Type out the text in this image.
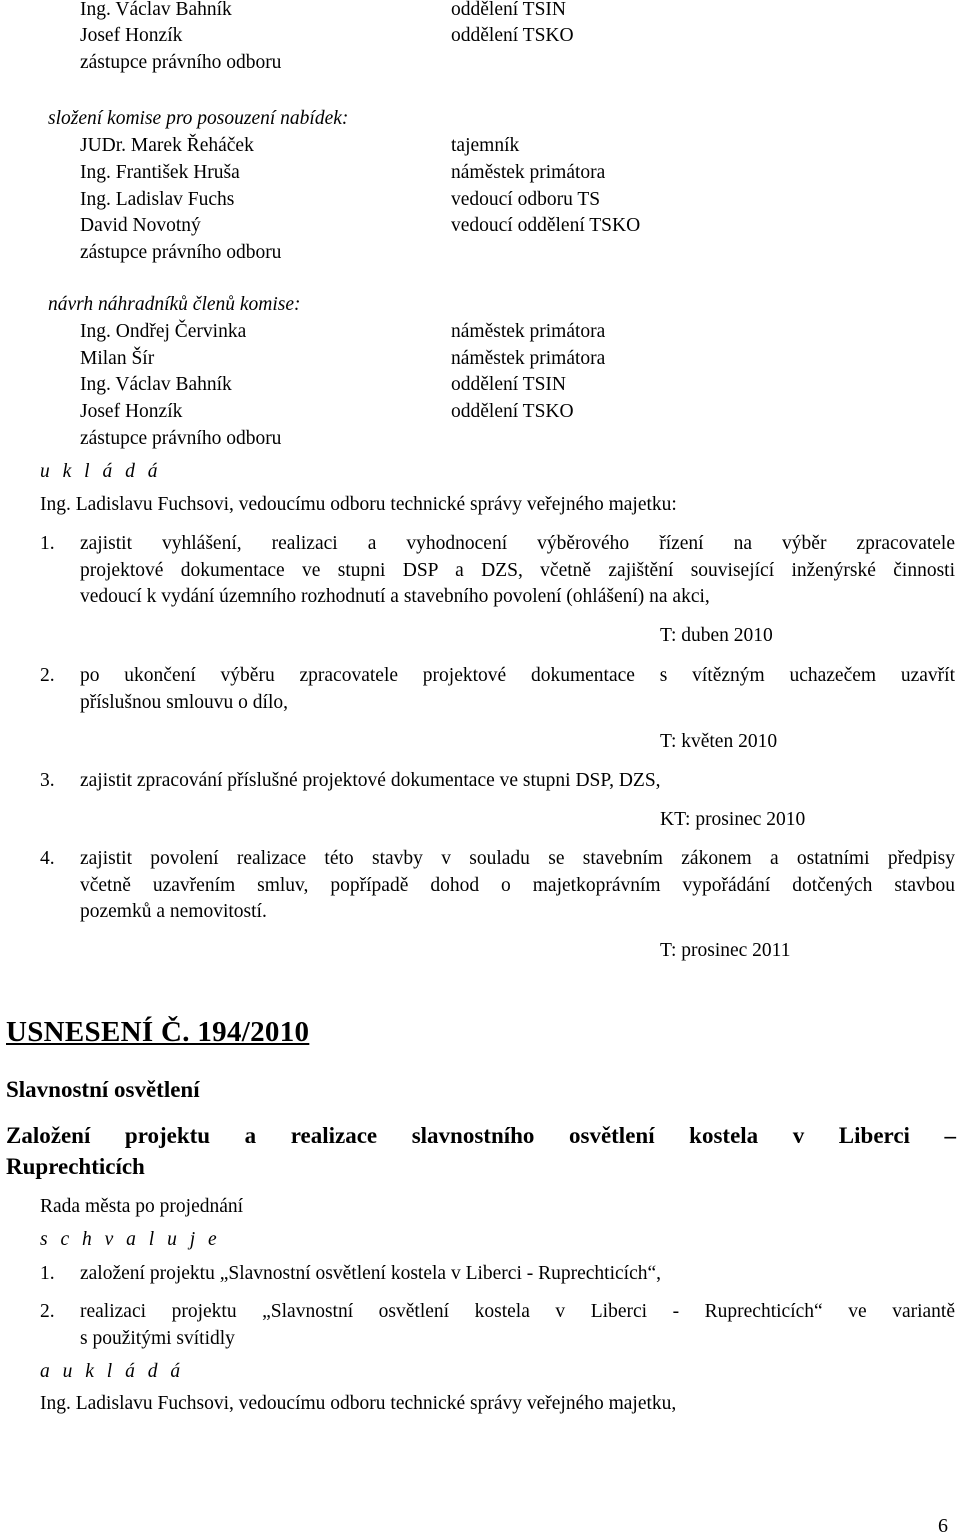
Ing. Václav Bahník	oddělení TSIN
Josef Honzík	oddělení TSKO
zástupce právního odboru
složení komise pro posouzení nabídek:
JUDr. Marek Řeháček	tajemník
Ing. František Hruša	náměstek primátora
Ing. Ladislav Fuchs	vedoucí odboru TS
David Novotný	vedoucí oddělení TSKO
zástupce právního odboru
návrh náhradníků členů komise:
Ing. Ondřej Červinka	náměstek primátora
Milan Šír	náměstek primátora
Ing. Václav Bahník	oddělení TSIN
Josef Honzík	oddělení TSKO
zástupce právního odboru
u k l á d á
Ing. Ladislavu Fuchsovi, vedoucímu odboru technické správy veřejného majetku:
1. zajistit vyhlášení, realizaci a vyhodnocení výběrového řízení na výběr zpracovatele
projektové dokumentace ve stupni DSP a DZS, včetně zajištění související inženýrské činnosti
vedoucí k vydání územního rozhodnutí a stavebního povolení (ohlášení) na akci,
T: duben 2010
2. po ukončení výběru zpracovatele projektové dokumentace s vítězným uchazečem uzavřít
příslušnou smlouvu o dílo,
T: květen 2010
3. zajistit zpracování příslušné projektové dokumentace ve stupni DSP, DZS,
KT: prosinec 2010
4. zajistit povolení realizace této stavby v souladu se stavebním zákonem a ostatními předpisy
včetně uzavřením smluv, popřípadě dohod o majetkoprávním vypořádání dotčených stavbou
pozemků a nemovitostí.
T: prosinec 2011
USNESENÍ Č. 194/2010
Slavnostní osvětlení
Založení projektu a realizace slavnostního osvětlení kostela v Liberci –
Ruprechticích
Rada města po projednání
s c h v a l u j e
1. založení projektu „Slavnostní osvětlení kostela v Liberci - Ruprechticích“,
2. realizaci projektu „Slavnostní osvětlení kostela v Liberci - Ruprechticích“ ve variantě
s použitými svítidly
a u k l á d á
Ing. Ladislavu Fuchsovi, vedoucímu odboru technické správy veřejného majetku,
6
